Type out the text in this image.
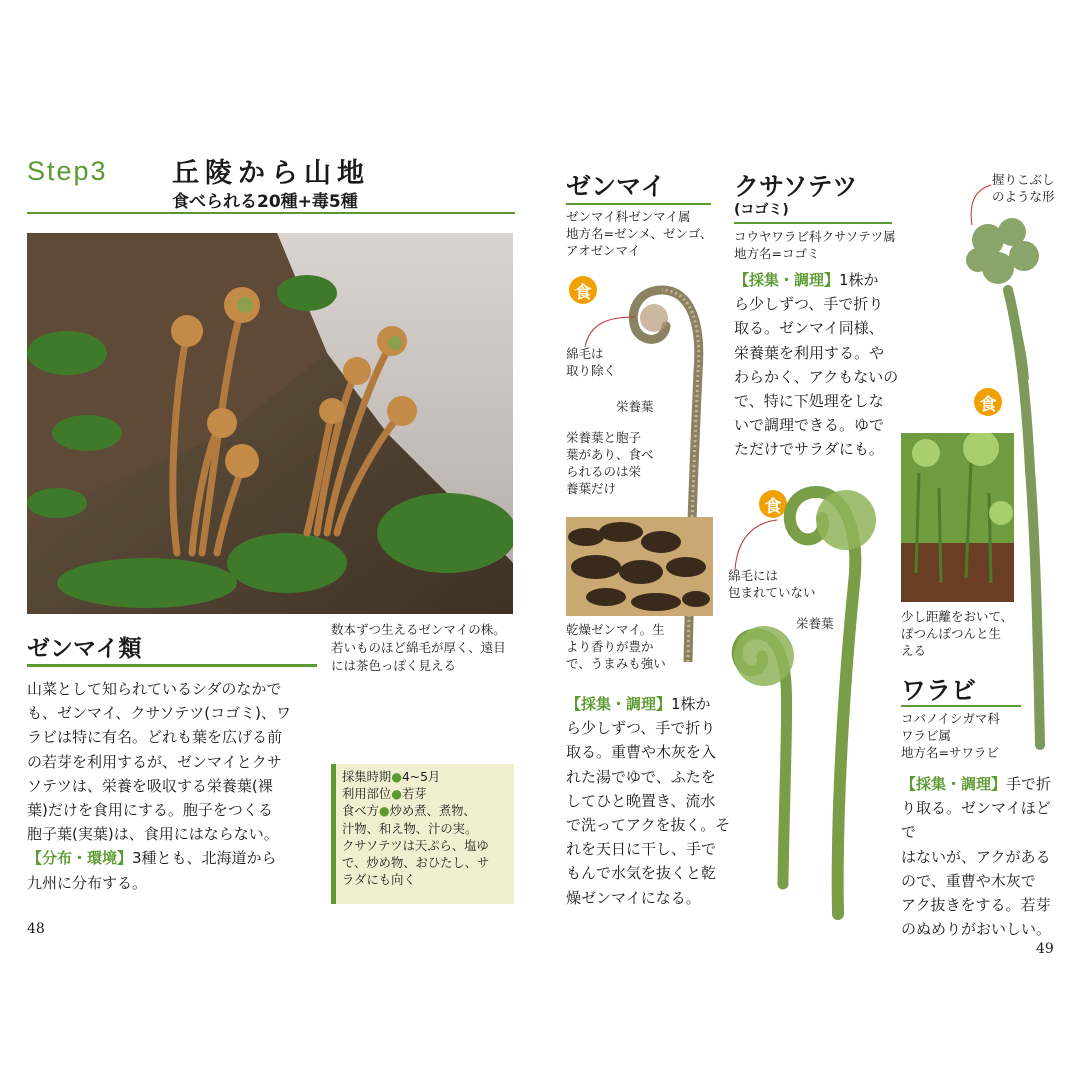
Step3 丘陵から山地
食べられる20種+毒5種
数本ずつ生えるゼンマイの株。
若いものほど綿毛が厚く、遠目
には茶色っぽく見える
ゼンマイ類
山菜として知られているシダのなかで
も、ゼンマイ、クサソテツ(コゴミ)、ワ
ラビは特に有名。どれも葉を広げる前
の若芽を利用するが、ゼンマイとクサ
ソテツは、栄養を吸収する栄養葉(裸
葉)だけを食用にする。胞子をつくる
胞子葉(実葉)は、食用にはならない。
【分布・環境】3種とも、北海道から
九州に分布する。
採集時期●4~5月
利用部位●若芽
食べ方●炒め煮、煮物、
汁物、和え物、汁の実。
クサソテツは天ぷら、塩ゆ
で、炒め物、おひたし、サ
ラダにも向く
48
ゼンマイ
ゼンマイ科ゼンマイ属
地方名=ゼンメ、ゼンゴ、
アオゼンマイ
食
綿毛は
取り除く
栄養葉
栄養葉と胞子
葉があり、食べ
られるのは栄
養葉だけ
乾燥ゼンマイ。生
より香りが豊か
で、うまみも強い
【採集・調理】1株か
ら少しずつ、手で折り
取る。重曹や木灰を入
れた湯でゆで、ふたを
してひと晩置き、流水
で洗ってアクを抜く。そ
れを天日に干し、手で
もんで水気を抜くと乾
燥ゼンマイになる。
クサソテツ
(コゴミ)
コウヤワラビ科クサソテツ属
地方名=コゴミ
【採集・調理】1株か
ら少しずつ、手で折り
取る。ゼンマイ同様、
栄養葉を利用する。や
わらかく、アクもないの
で、特に下処理をしな
いで調理できる。ゆで
ただけでサラダにも。
食
綿毛には
包まれていない
栄養葉
握りこぶし
のような形
食
少し距離をおいて、
ぽつんぽつんと生
える
ワラビ
コバノイシガマ科
ワラビ属
地方名=サワラビ
【採集・調理】手で折
り取る。ゼンマイほどで
はないが、アクがある
ので、重曹や木灰で
アク抜きをする。若芽
のぬめりがおいしい。
49
